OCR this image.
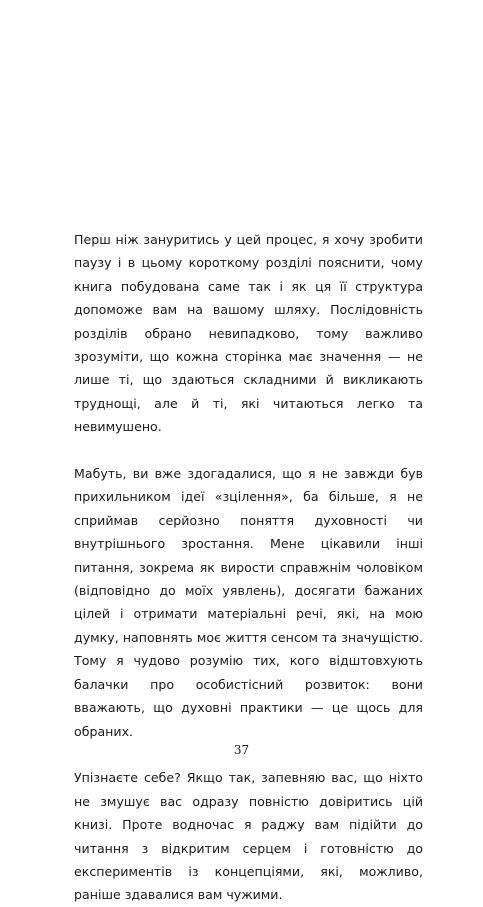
Перш ніж зануритись у цей процес, я хочу зробити паузу і в цьому короткому розділі пояснити, чому книга побудована саме так і як ця її структура допоможе вам на вашому шляху. Послідовність розділів обрано невипадково, тому важливо зрозуміти, що кожна сторінка має значення — не лише ті, що здаються складними й викликають труднощі, але й ті, які читаються легко та невимушено.

Мабуть, ви вже здогадалися, що я не завжди був прихильником ідеї «зцілення», ба більше, я не сприймав серйозно поняття духовності чи внутрішнього зростання. Мене цікавили інші питання, зокрема як вирости справжнім чоловіком (відповідно до моїх уявлень), досягати бажаних цілей і отримати матеріальні речі, які, на мою думку, наповнять моє життя сенсом та значущістю. Тому я чудово розумію тих, кого відштовхують балачки про особистісний розвиток: вони вважають, що духовні практики — це щось для обраних.

Упізнаєте себе? Якщо так, запевняю вас, що ніхто не змушує вас одразу повністю довіритись цій книзі. Проте водночас я раджу вам підійти до читання з відкритим серцем і готовністю до експериментів із концепціями, які, можливо, раніше здавалися вам чужими.

37
